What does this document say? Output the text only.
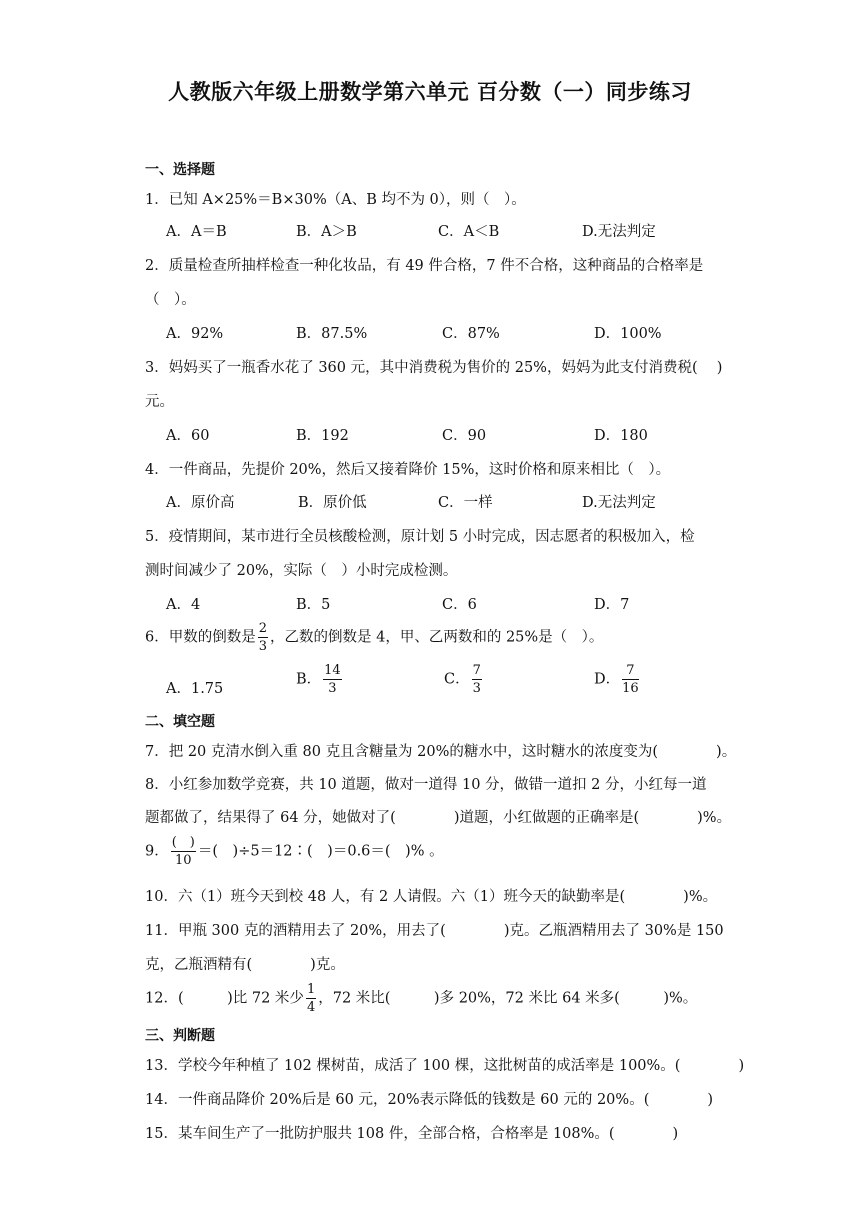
人教版六年级上册数学第六单元 百分数（一）同步练习
一、选择题
1．已知 A×25%＝B×30%（A、B 均不为 0），则（　）。
A．A＝B	B．A＞B	C．A＜B	D.无法判定
2．质量检查所抽样检查一种化妆品，有 49 件合格，7 件不合格，这种商品的合格率是
（　）。
A．92%	B．87.5%	C．87%	D．100%
3．妈妈买了一瓶香水花了 360 元，其中消费税为售价的 25%，妈妈为此支付消费税(　 )
元。
A．60	B．192	C．90	D．180
4．一件商品，先提价 20%，然后又接着降价 15%，这时价格和原来相比（　）。
A．原价高	B．原价低	C．一样	D.无法判定
5．疫情期间，某市进行全员核酸检测，原计划 5 小时完成，因志愿者的积极加入，检
测时间减少了 20%，实际（　）小时完成检测。
A．4	B．5	C．6	D．7
6．甲数的倒数是 $\frac{2}{3}$ ，乙数的倒数是 4，甲、乙两数和的 25%是（　）。
A．1.75
B． $\frac{14}{3}$	C． $\frac{7}{3}$	D． $\frac{7}{16}$
二、填空题
7．把 20 克清水倒入重 80 克且含糖量为 20%的糖水中，这时糖水的浓度变为(　　　　)。
8．小红参加数学竞赛，共 10 道题，做对一道得 10 分，做错一道扣 2 分，小红每一道
题都做了，结果得了 64 分，她做对了(　　　　)道题，小红做题的正确率是(　　　　)%。
9． $\frac{( )}{10}$ ＝(　)÷5＝12∶(　)＝0.6＝(　)% 。
10．六（1）班今天到校 48 人，有 2 人请假。六（1）班今天的缺勤率是(　　　　)%。
11．甲瓶 300 克的酒精用去了 20%，用去了(　　　　)克。乙瓶酒精用去了 30%是 150
克，乙瓶酒精有(　　　　)克。
12．(　　　)比 72 米少 $\frac{1}{4}$ ，72 米比(　　　)多 20%，72 米比 64 米多(　　　)%。
三、判断题
13．学校今年种植了 102 棵树苗，成活了 100 棵，这批树苗的成活率是 100%。(　　　　)
14．一件商品降价 20%后是 60 元，20%表示降低的钱数是 60 元的 20%。(　　　　)
15．某车间生产了一批防护服共 108 件，全部合格，合格率是 108%。(　　　　)
